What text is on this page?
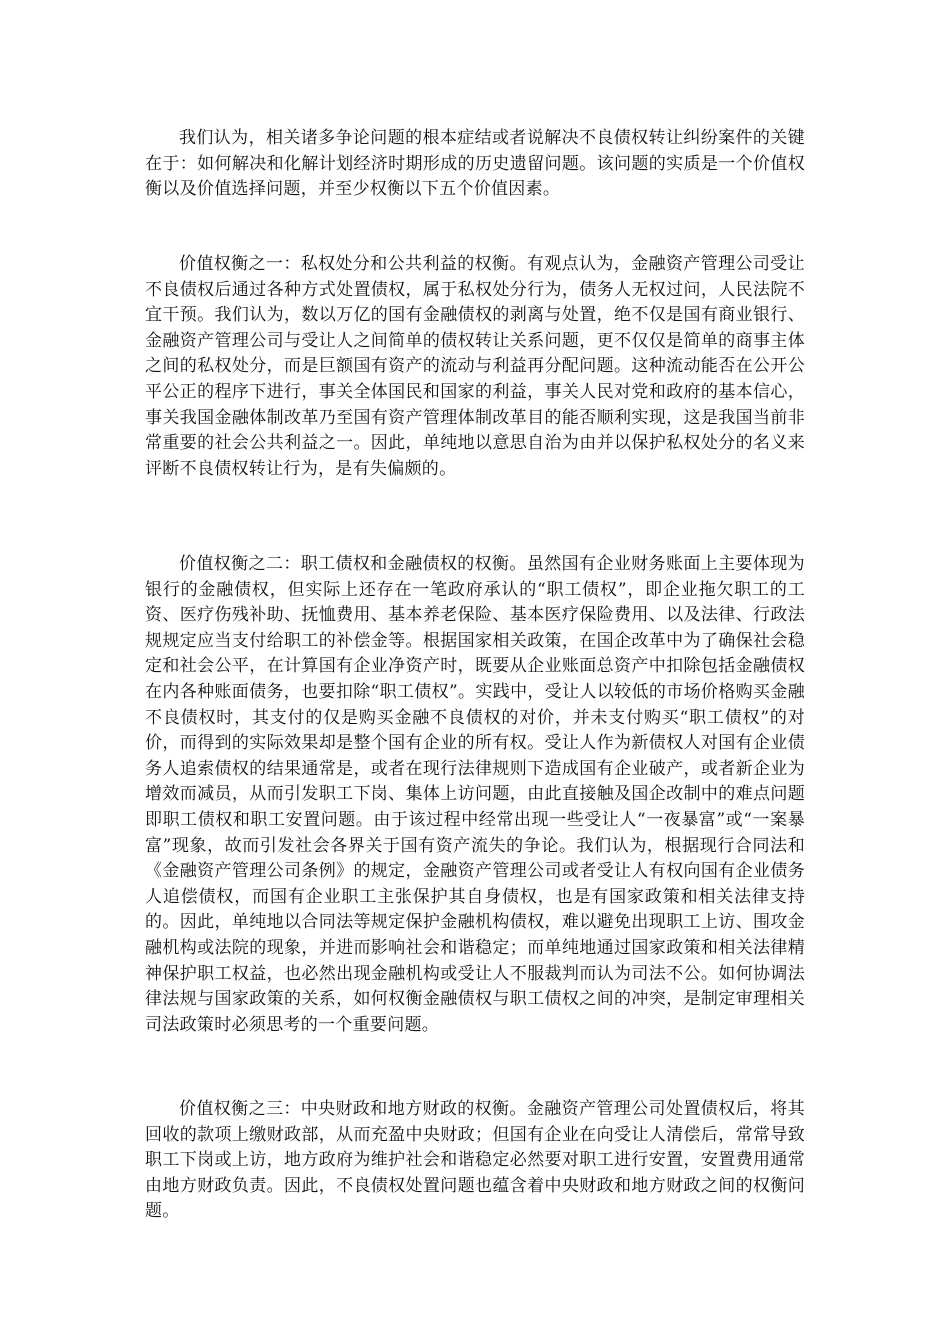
我们认为，相关诸多争论问题的根本症结或者说解决不良债权转让纠纷案件的关键在于：如何解决和化解计划经济时期形成的历史遗留问题。该问题的实质是一个价值权衡以及价值选择问题，并至少权衡以下五个价值因素。

价值权衡之一：私权处分和公共利益的权衡。有观点认为，金融资产管理公司受让不良债权后通过各种方式处置债权，属于私权处分行为，债务人无权过问，人民法院不宜干预。我们认为，数以万亿的国有金融债权的剥离与处置，绝不仅是国有商业银行、金融资产管理公司与受让人之间简单的债权转让关系问题，更不仅仅是简单的商事主体之间的私权处分，而是巨额国有资产的流动与利益再分配问题。这种流动能否在公开公平公正的程序下进行，事关全体国民和国家的利益，事关人民对党和政府的基本信心，事关我国金融体制改革乃至国有资产管理体制改革目的能否顺利实现，这是我国当前非常重要的社会公共利益之一。因此，单纯地以意思自治为由并以保护私权处分的名义来评断不良债权转让行为，是有失偏颇的。

价值权衡之二：职工债权和金融债权的权衡。虽然国有企业财务账面上主要体现为银行的金融债权，但实际上还存在一笔政府承认的“职工债权”，即企业拖欠职工的工资、医疗伤残补助、抚恤费用、基本养老保险、基本医疗保险费用、以及法律、行政法规规定应当支付给职工的补偿金等。根据国家相关政策，在国企改革中为了确保社会稳定和社会公平，在计算国有企业净资产时，既要从企业账面总资产中扣除包括金融债权在内各种账面债务，也要扣除“职工债权”。实践中，受让人以较低的市场价格购买金融不良债权时，其支付的仅是购买金融不良债权的对价，并未支付购买“职工债权”的对价，而得到的实际效果却是整个国有企业的所有权。受让人作为新债权人对国有企业债务人追索债权的结果通常是，或者在现行法律规则下造成国有企业破产，或者新企业为增效而减员，从而引发职工下岗、集体上访问题，由此直接触及国企改制中的难点问题即职工债权和职工安置问题。由于该过程中经常出现一些受让人“一夜暴富”或“一案暴富”现象，故而引发社会各界关于国有资产流失的争论。我们认为，根据现行合同法和《金融资产管理公司条例》的规定，金融资产管理公司或者受让人有权向国有企业债务人追偿债权，而国有企业职工主张保护其自身债权，也是有国家政策和相关法律支持的。因此，单纯地以合同法等规定保护金融机构债权，难以避免出现职工上访、围攻金融机构或法院的现象，并进而影响社会和谐稳定；而单纯地通过国家政策和相关法律精神保护职工权益，也必然出现金融机构或受让人不服裁判而认为司法不公。如何协调法律法规与国家政策的关系，如何权衡金融债权与职工债权之间的冲突，是制定审理相关司法政策时必须思考的一个重要问题。

价值权衡之三：中央财政和地方财政的权衡。金融资产管理公司处置债权后，将其回收的款项上缴财政部，从而充盈中央财政；但国有企业在向受让人清偿后，常常导致职工下岗或上访，地方政府为维护社会和谐稳定必然要对职工进行安置，安置费用通常由地方财政负责。因此，不良债权处置问题也蕴含着中央财政和地方财政之间的权衡问题。
